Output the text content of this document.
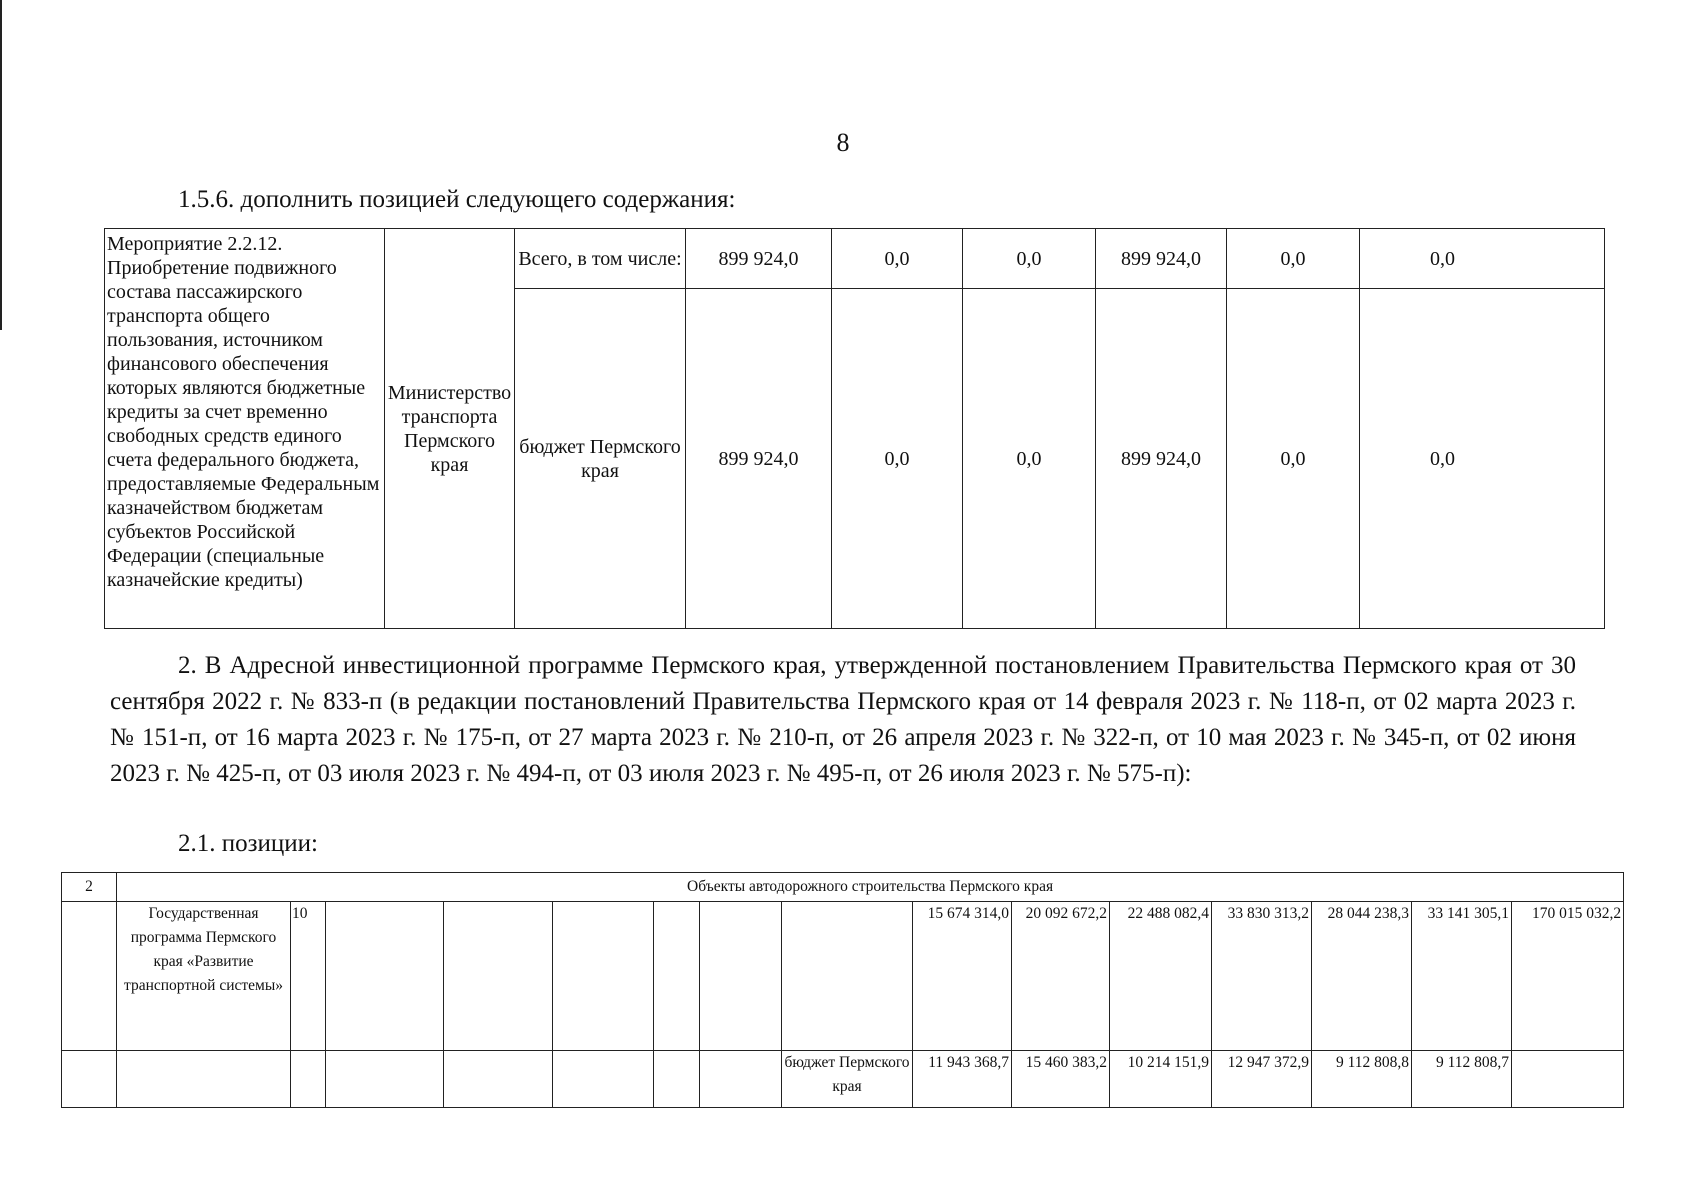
8
1.5.6. дополнить позицией следующего содержания:
Мероприятие 2.2.12. Приобретение подвижного состава пассажирского транспорта общего пользования, источником финансового обеспечения которых являются бюджетные кредиты за счет временно свободных средств единого счета федерального бюджета, предоставляемые Федеральным казначейством бюджетам субъектов Российской Федерации (специальные казначейские кредиты)	Министерство транспорта Пермского края	Всего, в том числе:	899 924,0	0,0	0,0	899 924,0	0,0	0,0
		бюджет Пермского края	899 924,0	0,0	0,0	899 924,0	0,0	0,0
2. В Адресной инвестиционной программе Пермского края, утвержденной постановлением Правительства Пермского края от 30 сентября 2022 г. № 833-п (в редакции постановлений Правительства Пермского края от 14 февраля 2023 г. № 118-п, от 02 марта 2023 г. № 151-п, от 16 марта 2023 г. № 175-п, от 27 марта 2023 г. № 210-п, от 26 апреля 2023 г. № 322-п, от 10 мая 2023 г. № 345-п, от 02 июня 2023 г. № 425-п, от 03 июля 2023 г. № 494-п, от 03 июля 2023 г. № 495-п, от 26 июля 2023 г. № 575-п):
2.1. позиции:
2	Объекты автодорожного строительства Пермского края														
	Государственная программа Пермского края «Развитие транспортной системы»	10							15 674 314,0	20 092 672,2	22 488 082,4	33 830 313,2	28 044 238,3	33 141 305,1	170 015 032,2
								бюджет Пермского края	11 943 368,7	15 460 383,2	10 214 151,9	12 947 372,9	9 112 808,8	9 112 808,7	
